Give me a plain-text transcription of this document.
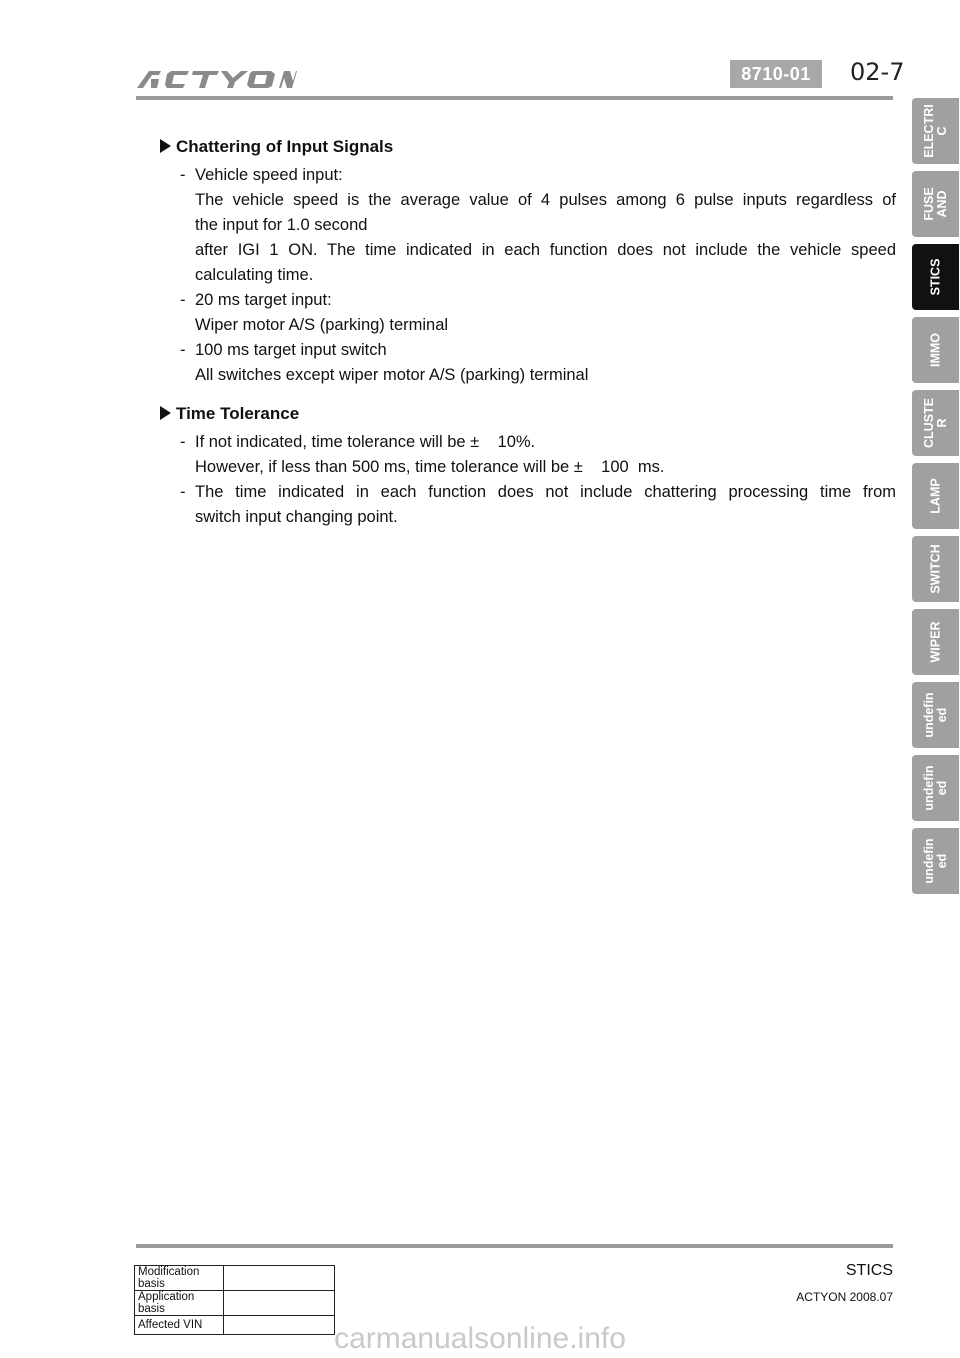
8710-01	02-7
Chattering of Input Signals
- Vehicle speed input:
The vehicle speed is the average value of 4 pulses among 6 pulse inputs regardless of
the input for 1.0 second
after IGI 1 ON. The time indicated in each function does not include the vehicle speed
calculating time.
- 20 ms target input:
Wiper motor A/S (parking) terminal
- 100 ms target input switch
All switches except wiper motor A/S (parking) terminal
Time Tolerance
- If not indicated, time tolerance will be ±    10%.
However, if less than 500 ms, time tolerance will be ±    100  ms.
- The time indicated in each function does not include chattering processing time from
switch input changing point.
ELECTRI
C
FUSE
AND
STICS
IMMO
CLUSTE
R
LAMP
SWITCH
WIPER
undefin
ed
undefin
ed
undefin
ed
STICS
ACTYON 2008.07
Modification basis	
Application basis	
Affected VIN		carmanualsonline.info
